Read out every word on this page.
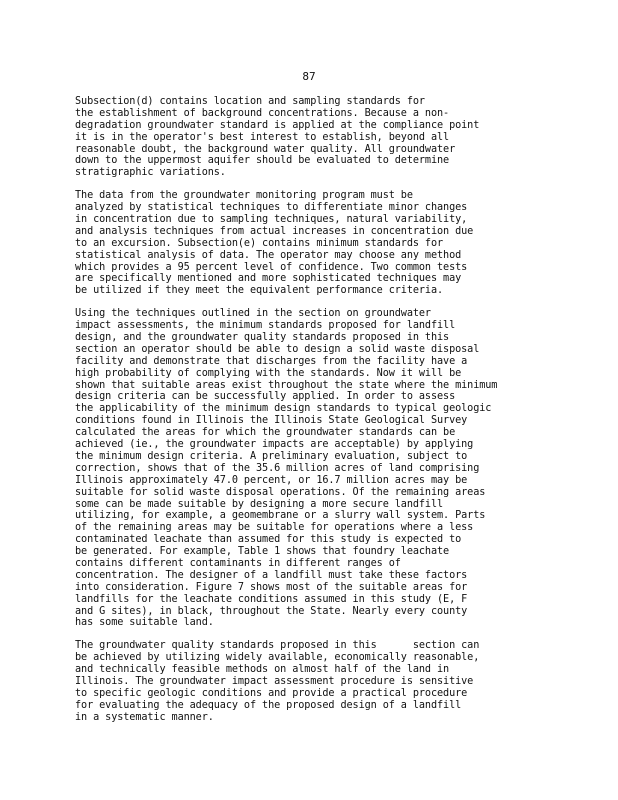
87

Subsection(d) contains location and sampling standards for
the establishment of background concentrations. Because a non-
degradation groundwater standard is applied at the compliance point
it is in the operator's best interest to establish, beyond all
reasonable doubt, the background water quality. All groundwater
down to the uppermost aquifer should be evaluated to determine
stratigraphic variations.

The data from the groundwater monitoring program must be
analyzed by statistical techniques to differentiate minor changes
in concentration due to sampling techniques, natural variability,
and analysis techniques from actual increases in concentration due
to an excursion. Subsection(e) contains minimum standards for
statistical analysis of data. The operator may choose any method
which provides a 95 percent level of confidence. Two common tests
are specifically mentioned and more sophisticated techniques may
be utilized if they meet the equivalent performance criteria.

Using the techniques outlined in the section on groundwater
impact assessments, the minimum standards proposed for landfill
design, and the groundwater quality standards proposed in this
section an operator should be able to design a solid waste disposal
facility and demonstrate that discharges from the facility have a
high probability of complying with the standards. Now it will be
shown that suitable areas exist throughout the state where the minimum
design criteria can be successfully applied. In order to assess
the applicability of the minimum design standards to typical geologic
conditions found in Illinois the Illinois State Geological Survey
calculated the areas for which the groundwater standards can be
achieved (ie., the groundwater impacts are acceptable) by applying
the minimum design criteria. A preliminary evaluation, subject to
correction, shows that of the 35.6 million acres of land comprising
Illinois approximately 47.0 percent, or 16.7 million acres may be
suitable for solid waste disposal operations. Of the remaining areas
some can be made suitable by designing a more secure landfill
utilizing, for example, a geomembrane or a slurry wall system. Parts
of the remaining areas may be suitable for operations where a less
contaminated leachate than assumed for this study is expected to
be generated. For example, Table 1 shows that foundry leachate
contains different contaminants in different ranges of
concentration. The designer of a landfill must take these factors
into consideration. Figure 7 shows most of the suitable areas for
landfills for the leachate conditions assumed in this study (E, F
and G sites), in black, throughout the State. Nearly every county
has some suitable land.

The groundwater quality standards proposed in this      section can
be achieved by utilizing widely available, economically reasonable,
and technically feasible methods on almost half of the land in
Illinois. The groundwater impact assessment procedure is sensitive
to specific geologic conditions and provide a practical procedure
for evaluating the adequacy of the proposed design of a landfill
in a systematic manner.
